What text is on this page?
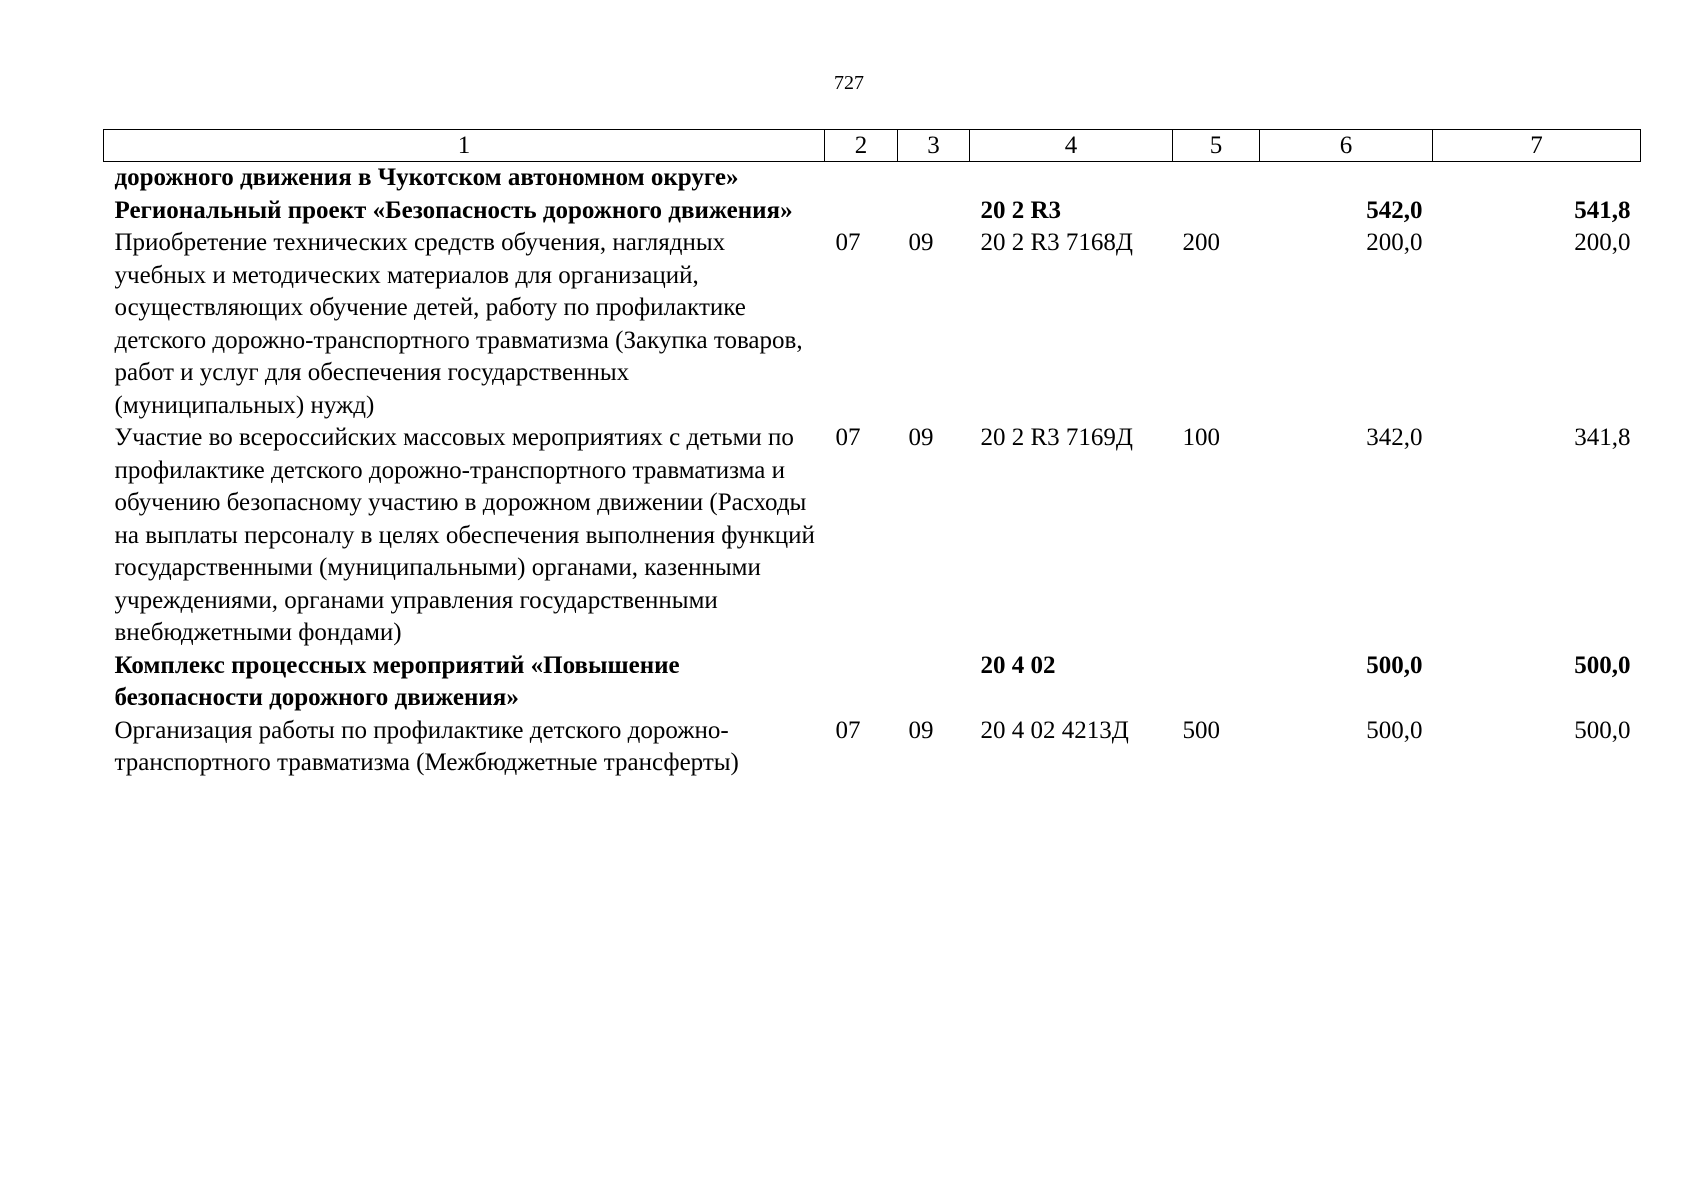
727
1	2	3	4	5	6	7
дорожного движения в Чукотском автономном округе»						
Региональный проект «Безопасность дорожного движения»			20 2 R3		542,0	541,8
Приобретение технических средств обучения, наглядных учебных и методических материалов для организаций, осуществляющих обучение детей, работу по профилактике детского дорожно-транспортного травматизма (Закупка товаров, работ и услуг для обеспечения государственных (муниципальных) нужд)	07	09	20 2 R3 7168Д	200	200,0	200,0
Участие во всероссийских массовых мероприятиях с детьми по профилактике детского дорожно-транспортного травматизма и обучению безопасному участию в дорожном движении (Расходы на выплаты персоналу в целях обеспечения выполнения функций государственными (муниципальными) органами, казенными учреждениями, органами управления государственными внебюджетными фондами)	07	09	20 2 R3 7169Д	100	342,0	341,8
Комплекс процессных мероприятий «Повышение безопасности дорожного движения»			20 4 02		500,0	500,0
Организация работы по профилактике детского дорожно-транспортного травматизма (Межбюджетные трансферты)	07	09	20 4 02 4213Д	500	500,0	500,0
